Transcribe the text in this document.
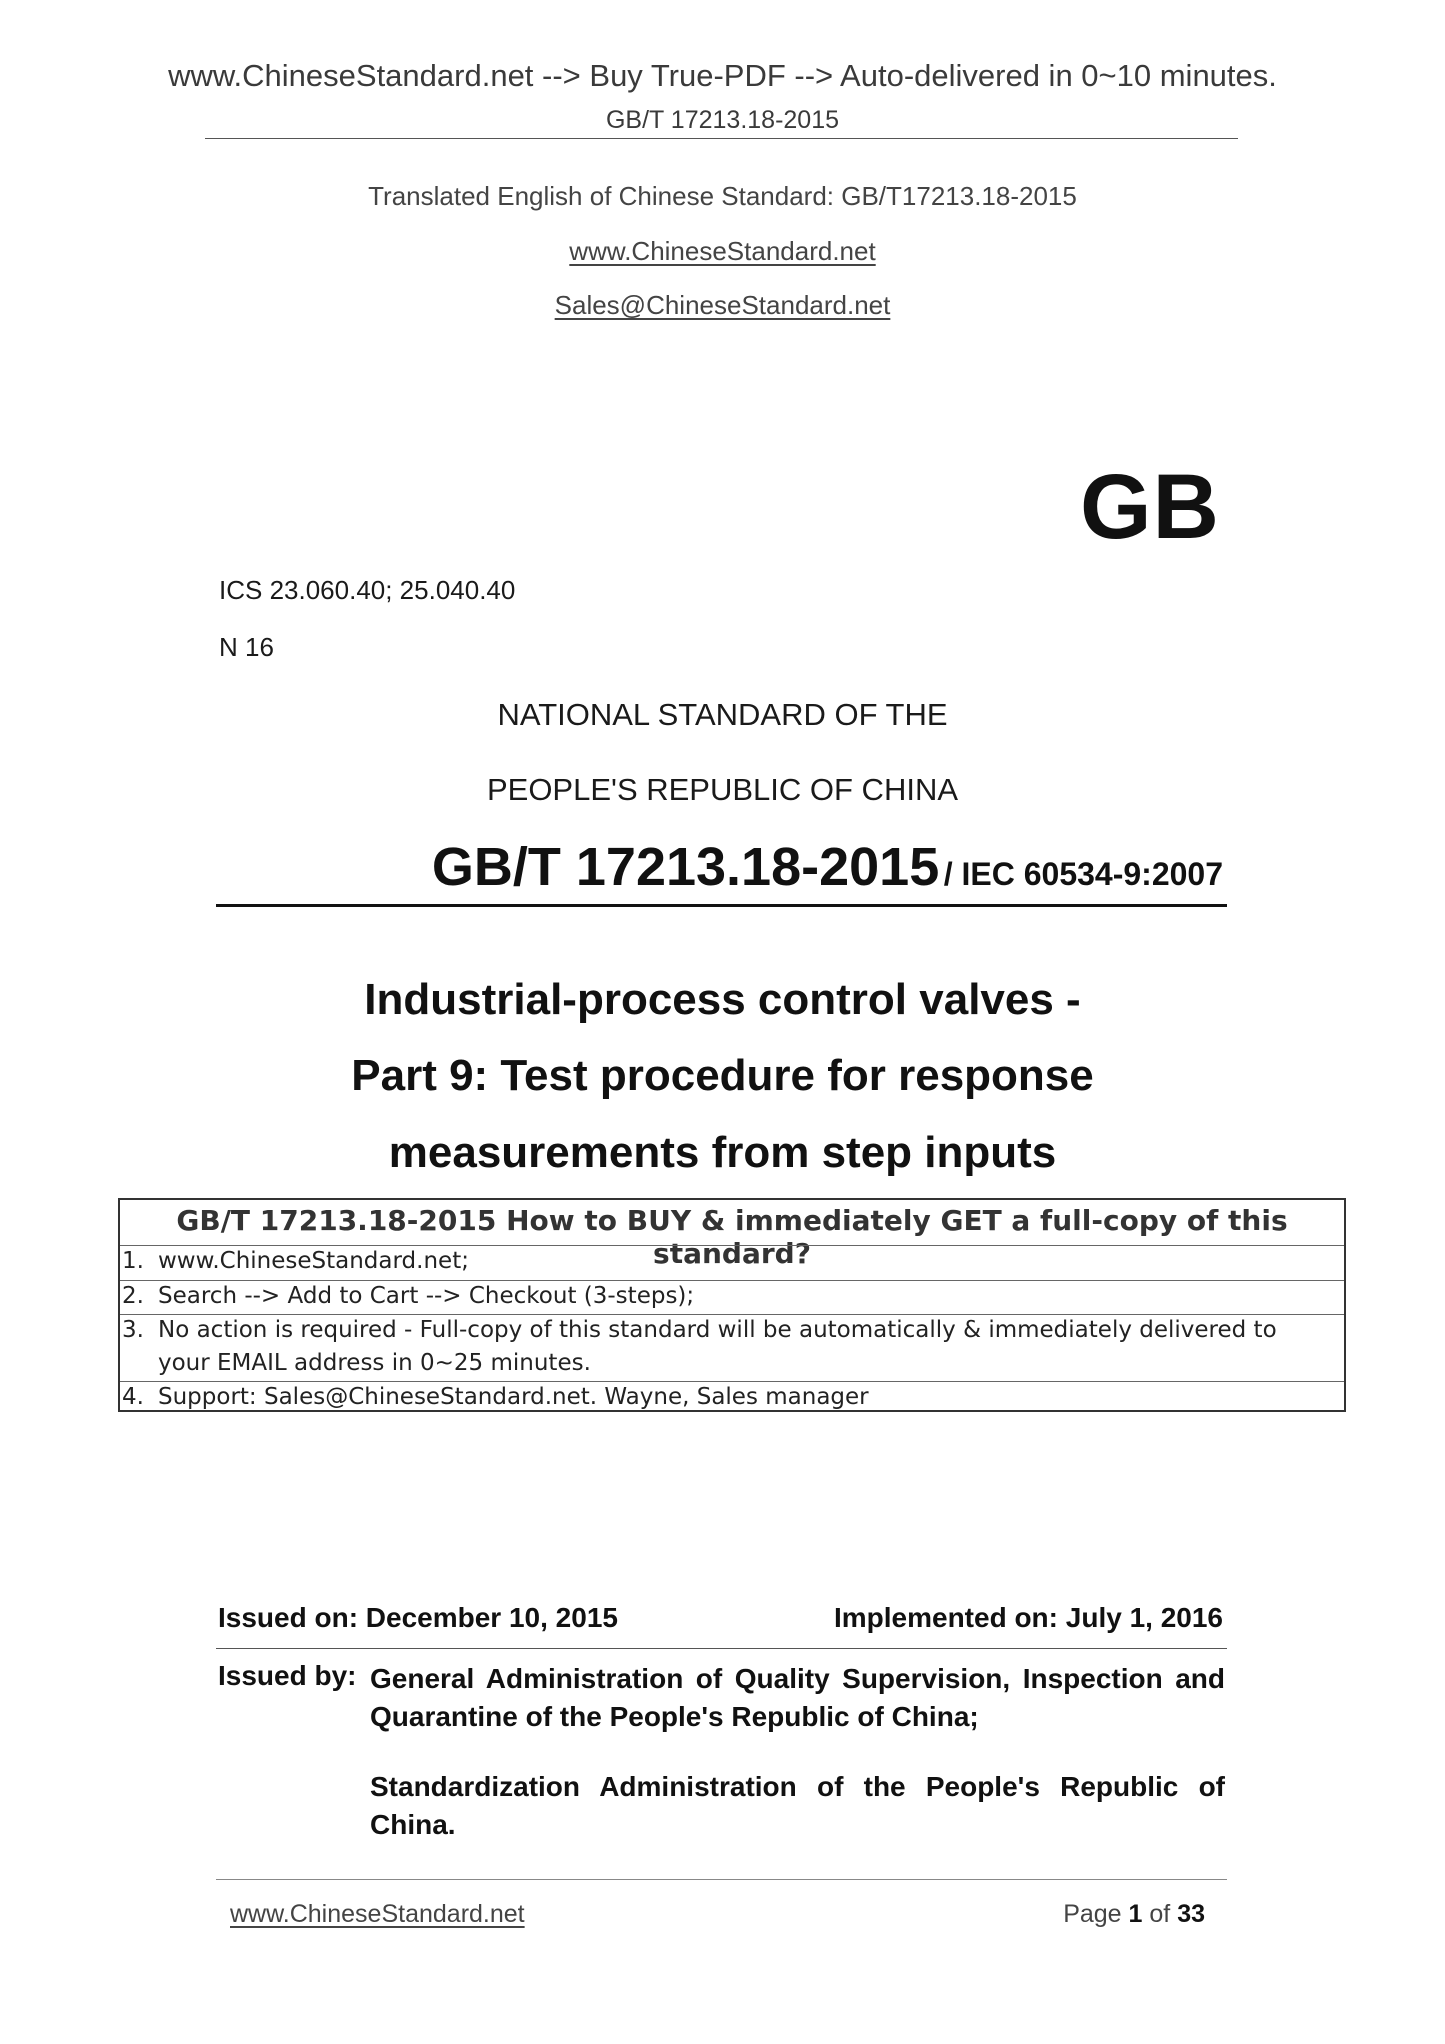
www.ChineseStandard.net --> Buy True-PDF --> Auto-delivered in 0~10 minutes.
GB/T 17213.18-2015
Translated English of Chinese Standard: GB/T17213.18-2015
www.ChineseStandard.net
Sales@ChineseStandard.net
GB
ICS 23.060.40; 25.040.40
N 16
NATIONAL STANDARD OF THE
PEOPLE'S REPUBLIC OF CHINA
GB/T 17213.18-2015 / IEC 60534-9:2007
Industrial-process control valves -
Part 9: Test procedure for response
measurements from step inputs
GB/T 17213.18-2015 How to BUY & immediately GET a full-copy of this standard?
1. www.ChineseStandard.net;
2. Search --> Add to Cart --> Checkout (3-steps);
3. No action is required - Full-copy of this standard will be automatically & immediately delivered to
your EMAIL address in 0~25 minutes.
4. Support: Sales@ChineseStandard.net. Wayne, Sales manager
Issued on: December 10, 2015	Implemented on: July 1, 2016
Issued by: General Administration of Quality Supervision, Inspection and Quarantine of the People's Republic of China;
Standardization Administration of the People's Republic of China.
www.ChineseStandard.net	Page 1 of 33
